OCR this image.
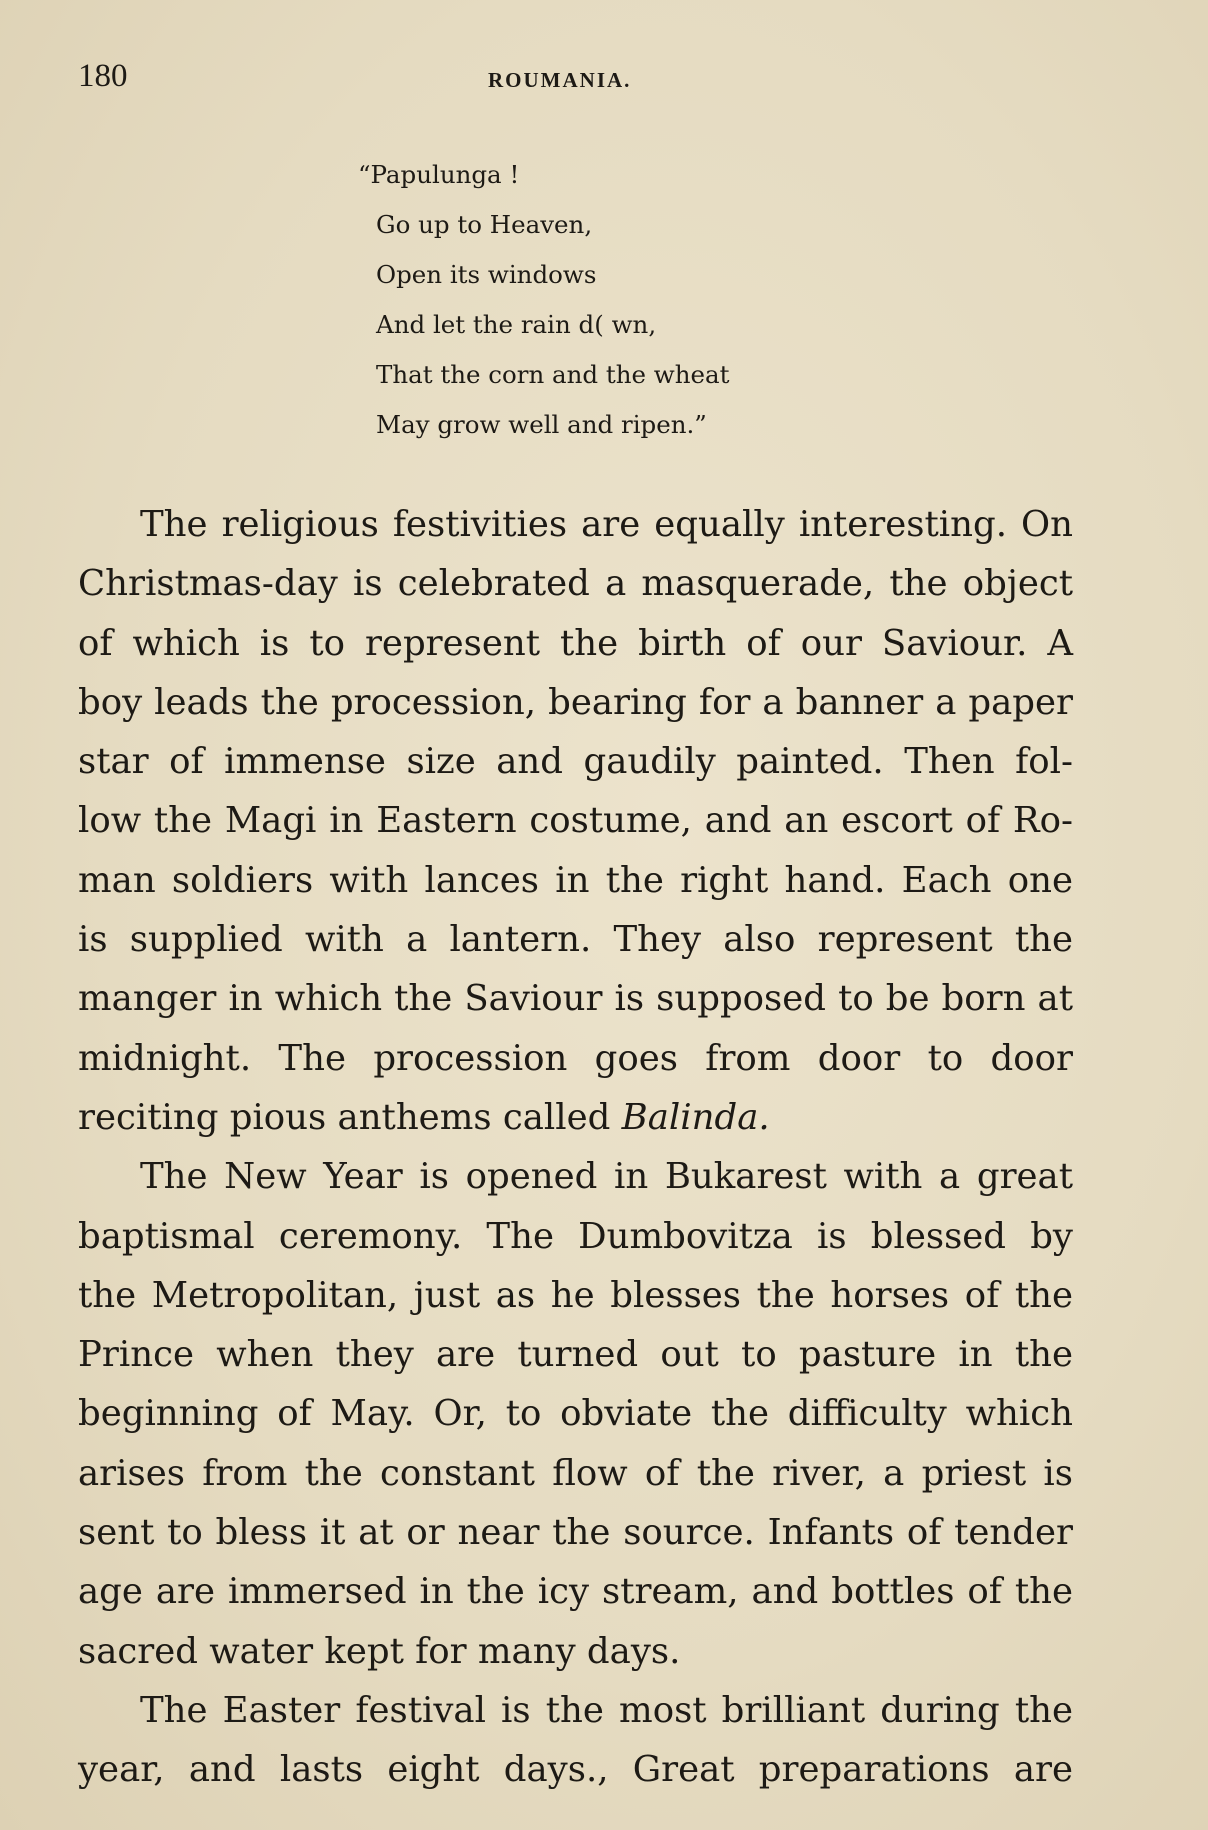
180	ROUMANIA.
“Papulunga !
Go up to Heaven,
Open its windows
And let the rain d( wn,
That the corn and the wheat
May grow well and ripen.”
The religious festivities are equally interesting. On
Christmas-day is celebrated a masquerade, the object
of which is to represent the birth of our Saviour. A
boy leads the procession, bearing for a banner a paper
star of immense size and gaudily painted. Then fol-
low the Magi in Eastern costume, and an escort of Ro-
man soldiers with lances in the right hand. Each one
is supplied with a lantern. They also represent the
manger in which the Saviour is supposed to be born at
midnight. The procession goes from door to door
reciting pious anthems called Balinda.
The New Year is opened in Bukarest with a great
baptismal ceremony. The Dumbovitza is blessed by
the Metropolitan, just as he blesses the horses of the
Prince when they are turned out to pasture in the
beginning of May. Or, to obviate the difficulty which
arises from the constant flow of the river, a priest is
sent to bless it at or near the source. Infants of tender
age are immersed in the icy stream, and bottles of the
sacred water kept for many days.
The Easter festival is the most brilliant during the
year, and lasts eight days., Great preparations are
